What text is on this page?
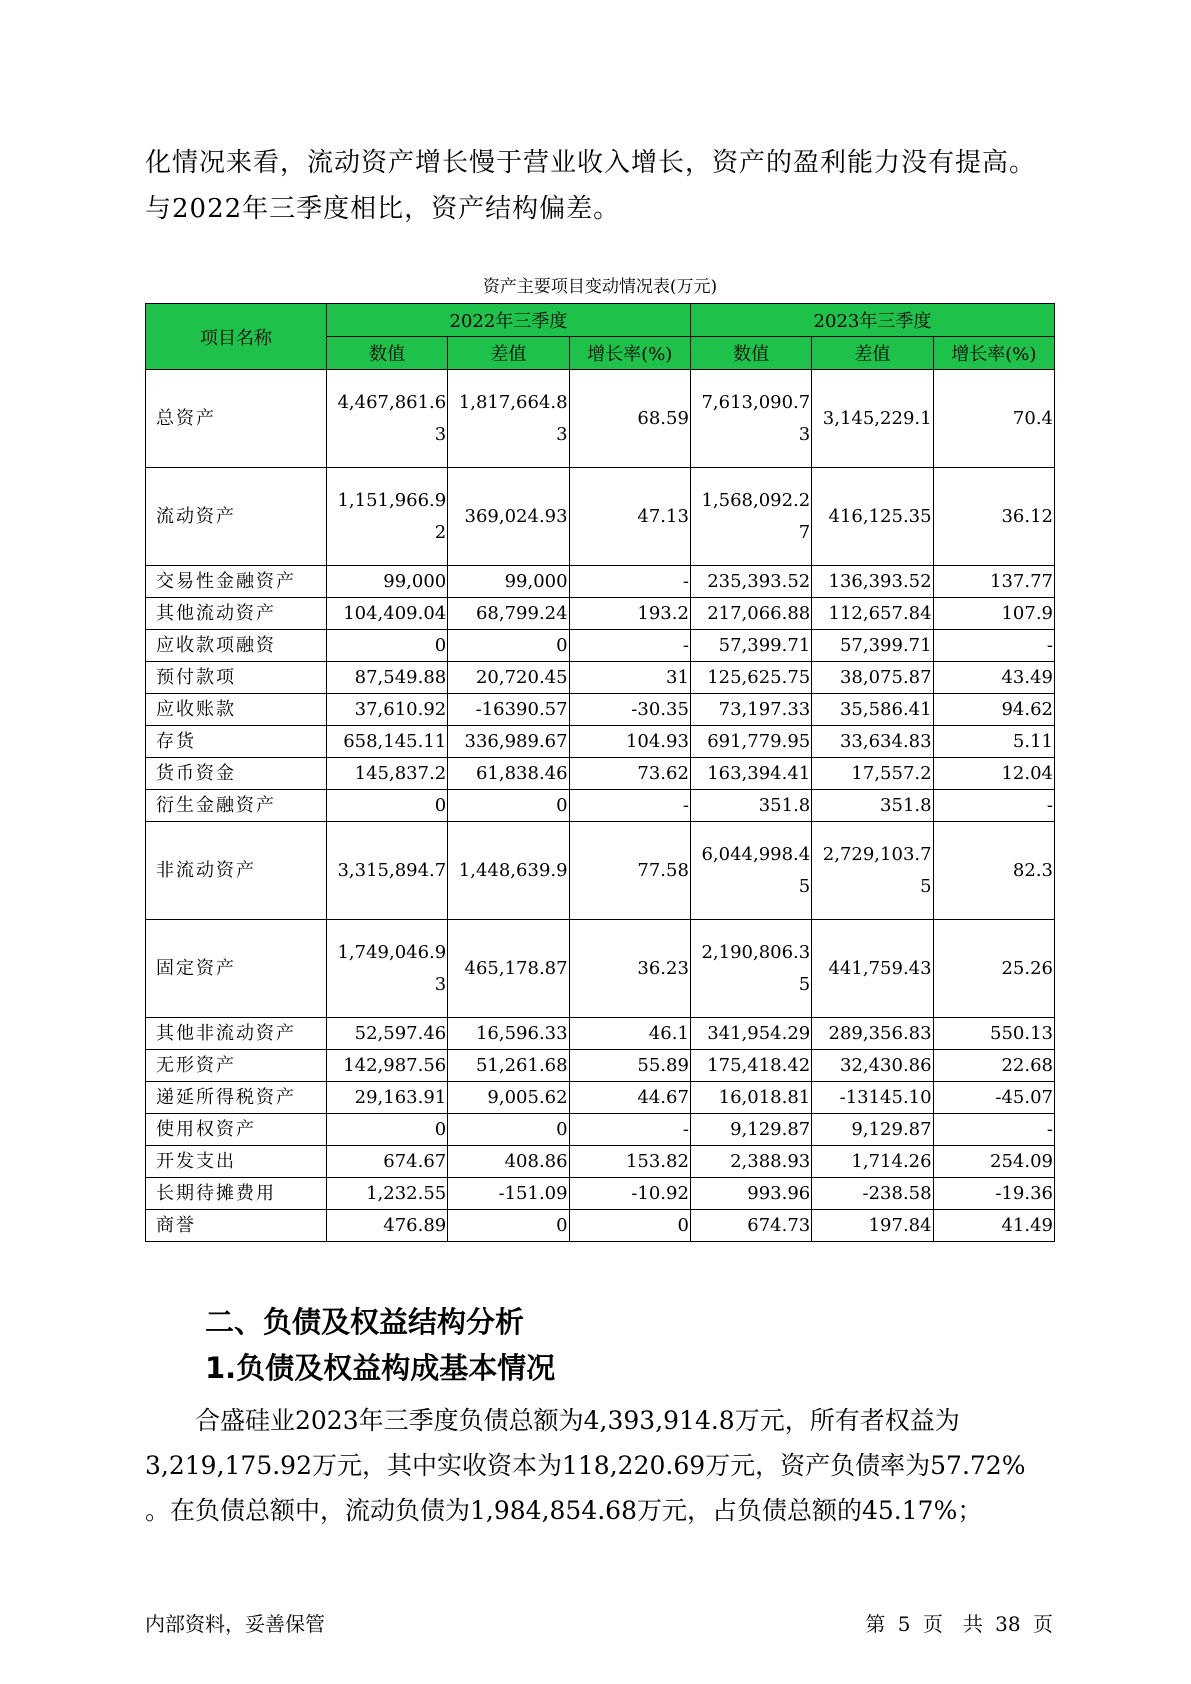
化情况来看，流动资产增长慢于营业收入增长，资产的盈利能力没有提高。

与2022年三季度相比，资产结构偏差。

资产主要项目变动情况表(万元)
项目名称	2022年三季度			2023年三季度		
	数值	差值	增长率(%)	数值	差值	增长率(%)
总资产	4,467,861.63	1,817,664.83	68.59	7,613,090.73	3,145,229.1	70.4
流动资产	1,151,966.92	369,024.93	47.13	1,568,092.27	416,125.35	36.12
交易性金融资产	99,000	99,000	-	235,393.52	136,393.52	137.77
其他流动资产	104,409.04	68,799.24	193.2	217,066.88	112,657.84	107.9
应收款项融资	0	0	-	57,399.71	57,399.71	-
预付款项	87,549.88	20,720.45	31	125,625.75	38,075.87	43.49
应收账款	37,610.92	-16390.57	-30.35	73,197.33	35,586.41	94.62
存货	658,145.11	336,989.67	104.93	691,779.95	33,634.83	5.11
货币资金	145,837.2	61,838.46	73.62	163,394.41	17,557.2	12.04
衍生金融资产	0	0	-	351.8	351.8	-
非流动资产	3,315,894.7	1,448,639.9	77.58	6,044,998.45	2,729,103.75	82.3
固定资产	1,749,046.93	465,178.87	36.23	2,190,806.35	441,759.43	25.26
其他非流动资产	52,597.46	16,596.33	46.1	341,954.29	289,356.83	550.13
无形资产	142,987.56	51,261.68	55.89	175,418.42	32,430.86	22.68
递延所得税资产	29,163.91	9,005.62	44.67	16,018.81	-13145.10	-45.07
使用权资产	0	0	-	9,129.87	9,129.87	-
开发支出	674.67	408.86	153.82	2,388.93	1,714.26	254.09
长期待摊费用	1,232.55	-151.09	-10.92	993.96	-238.58	-19.36
商誉	476.89	0	0	674.73	197.84	41.49
二、负债及权益结构分析
1.负债及权益构成基本情况

　　合盛硅业2023年三季度负债总额为4,393,914.8万元，所有者权益为

3,219,175.92万元，其中实收资本为118,220.69万元，资产负债率为57.72%

。在负债总额中，流动负债为1,984,854.68万元，占负债总额的45.17%；

内部资料，妥善保管	第 5 页　共 38 页
